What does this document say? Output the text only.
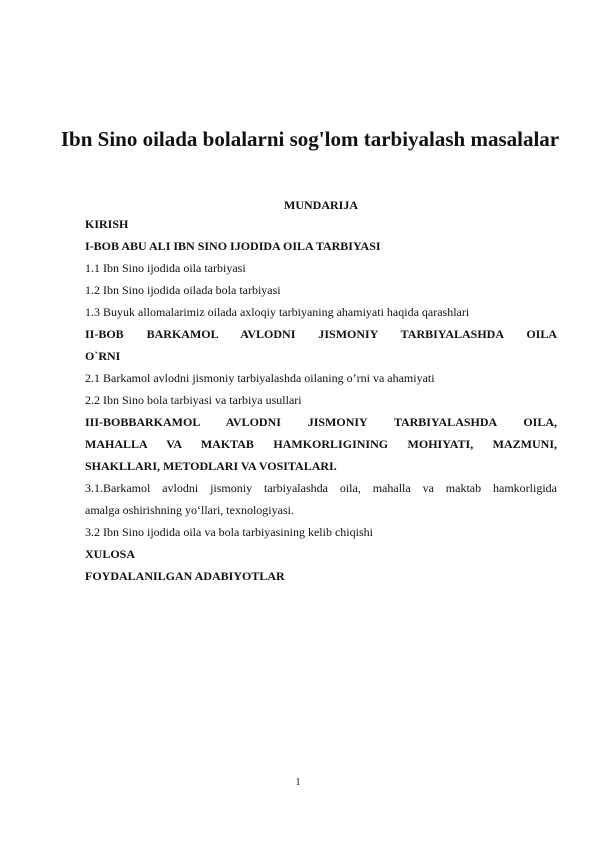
Ibn Sino oilada bolalarni sog'lom tarbiyalash masalalar
MUNDARIJA
KIRISH
I-BOB ABU ALI IBN SINO IJODIDA OILA TARBIYASI
1.1 Ibn Sino ijodida oila tarbiyasi
1.2 Ibn Sino ijodida oilada bola tarbiyasi
1.3 Buyuk allomalarimiz oilada axloqiy tarbiyaning ahamiyati haqida qarashlari
II-BOB BARKAMOL AVLODNI JISMONIY TARBIYALASHDA OILA
O`RNI
2.1 Barkamol avlodni jismoniy tarbiyalashda oilaning o’rni va ahamiyati
2.2 Ibn Sino bola tarbiyasi va tarbiya usullari
III-BOBBARKAMOL AVLODNI JISMONIY TARBIYALASHDA OILA,
MAHALLA VA MAKTAB HAMKORLIGINING MOHIYATI, MAZMUNI,
SHAKLLARI, METODLARI VA VOSITALARI.
3.1.Barkamol avlodni jismoniy tarbiyalashda oila, mahalla va maktab hamkorligida
amalga oshirishning yo‘llari, texnologiyasi.
3.2 Ibn Sino ijodida oila va bola tarbiyasining kelib chiqishi
XULOSA
FOYDALANILGAN ADABIYOTLAR
1
